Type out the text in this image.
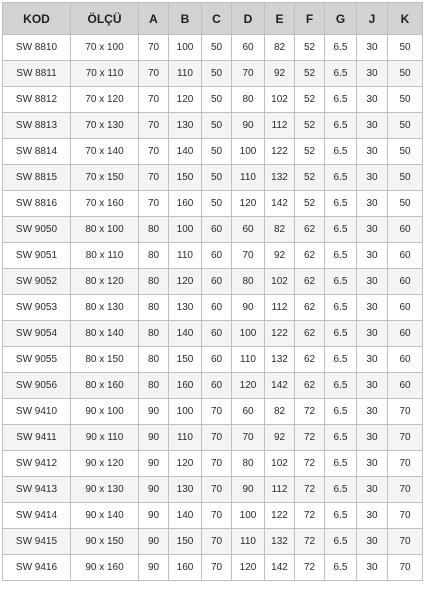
KOD	ÖLÇÜ	A	B	C	D	E	F	G	J	K
SW 8810	70 x 100	70	100	50	60	82	52	6.5	30	50
SW 8811	70 x 110	70	110	50	70	92	52	6.5	30	50
SW 8812	70 x 120	70	120	50	80	102	52	6.5	30	50
SW 8813	70 x 130	70	130	50	90	112	52	6.5	30	50
SW 8814	70 x 140	70	140	50	100	122	52	6.5	30	50
SW 8815	70 x 150	70	150	50	110	132	52	6.5	30	50
SW 8816	70 x 160	70	160	50	120	142	52	6.5	30	50
SW 9050	80 x 100	80	100	60	60	82	62	6.5	30	60
SW 9051	80 x 110	80	110	60	70	92	62	6.5	30	60
SW 9052	80 x 120	80	120	60	80	102	62	6.5	30	60
SW 9053	80 x 130	80	130	60	90	112	62	6.5	30	60
SW 9054	80 x 140	80	140	60	100	122	62	6.5	30	60
SW 9055	80 x 150	80	150	60	110	132	62	6.5	30	60
SW 9056	80 x 160	80	160	60	120	142	62	6.5	30	60
SW 9410	90 x 100	90	100	70	60	82	72	6.5	30	70
SW 9411	90 x 110	90	110	70	70	92	72	6.5	30	70
SW 9412	90 x 120	90	120	70	80	102	72	6.5	30	70
SW 9413	90 x 130	90	130	70	90	112	72	6.5	30	70
SW 9414	90 x 140	90	140	70	100	122	72	6.5	30	70
SW 9415	90 x 150	90	150	70	110	132	72	6.5	30	70
SW 9416	90 x 160	90	160	70	120	142	72	6.5	30	70
